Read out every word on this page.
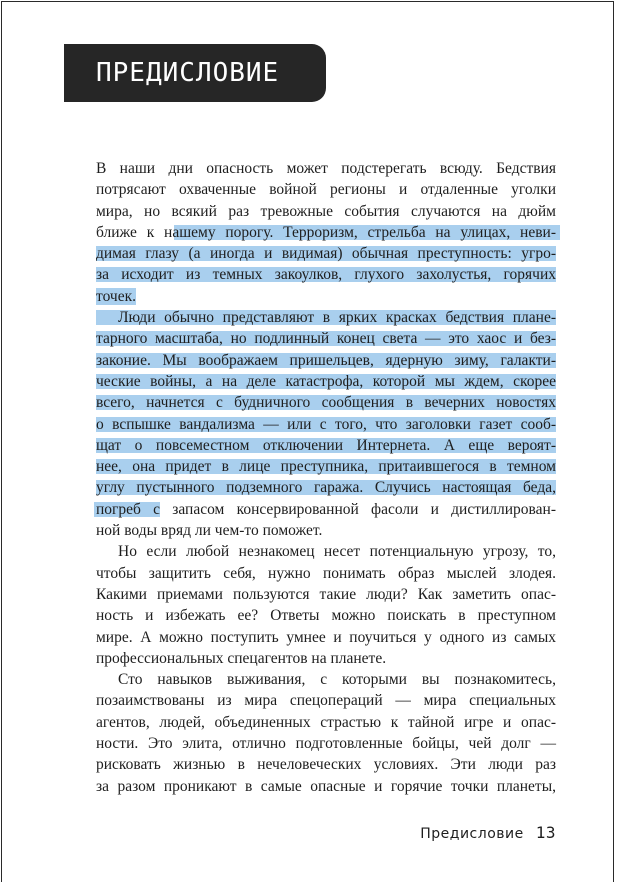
ПРЕДИСЛОВИЕ
В наши дни опасность может подстерегать всюду. Бедствия
потрясают охваченные войной регионы и отдаленные уголки
мира, но всякий раз тревожные события случаются на дюйм
ближе к нашему порогу. Терроризм, стрельба на улицах, неви-
димая глазу (а иногда и видимая) обычная преступность: угро-
за исходит из темных закоулков, глухого захолустья, горячих
точек.
Люди обычно представляют в ярких красках бедствия плане-
тарного масштаба, но подлинный конец света — это хаос и без-
законие. Мы воображаем пришельцев, ядерную зиму, галакти-
ческие войны, а на деле катастрофа, которой мы ждем, скорее
всего, начнется с будничного сообщения в вечерних новостях
о вспышке вандализма — или с того, что заголовки газет сооб-
щат о повсеместном отключении Интернета. А еще вероят-
нее, она придет в лице преступника, притаившегося в темном
углу пустынного подземного гаража. Случись настоящая беда,
погреб с запасом консервированной фасоли и дистиллирован-
ной воды вряд ли чем-то поможет.
Но если любой незнакомец несет потенциальную угрозу, то,
чтобы защитить себя, нужно понимать образ мыслей злодея.
Какими приемами пользуются такие люди? Как заметить опас-
ность и избежать ее? Ответы можно поискать в преступном
мире. А можно поступить умнее и поучиться у одного из самых
профессиональных спецагентов на планете.
Сто навыков выживания, с которыми вы познакомитесь,
позаимствованы из мира спецопераций — мира специальных
агентов, людей, объединенных страстью к тайной игре и опас-
ности. Это элита, отлично подготовленные бойцы, чей долг —
рисковать жизнью в нечеловеческих условиях. Эти люди раз
за разом проникают в самые опасные и горячие точки планеты,
Предисловие 13
